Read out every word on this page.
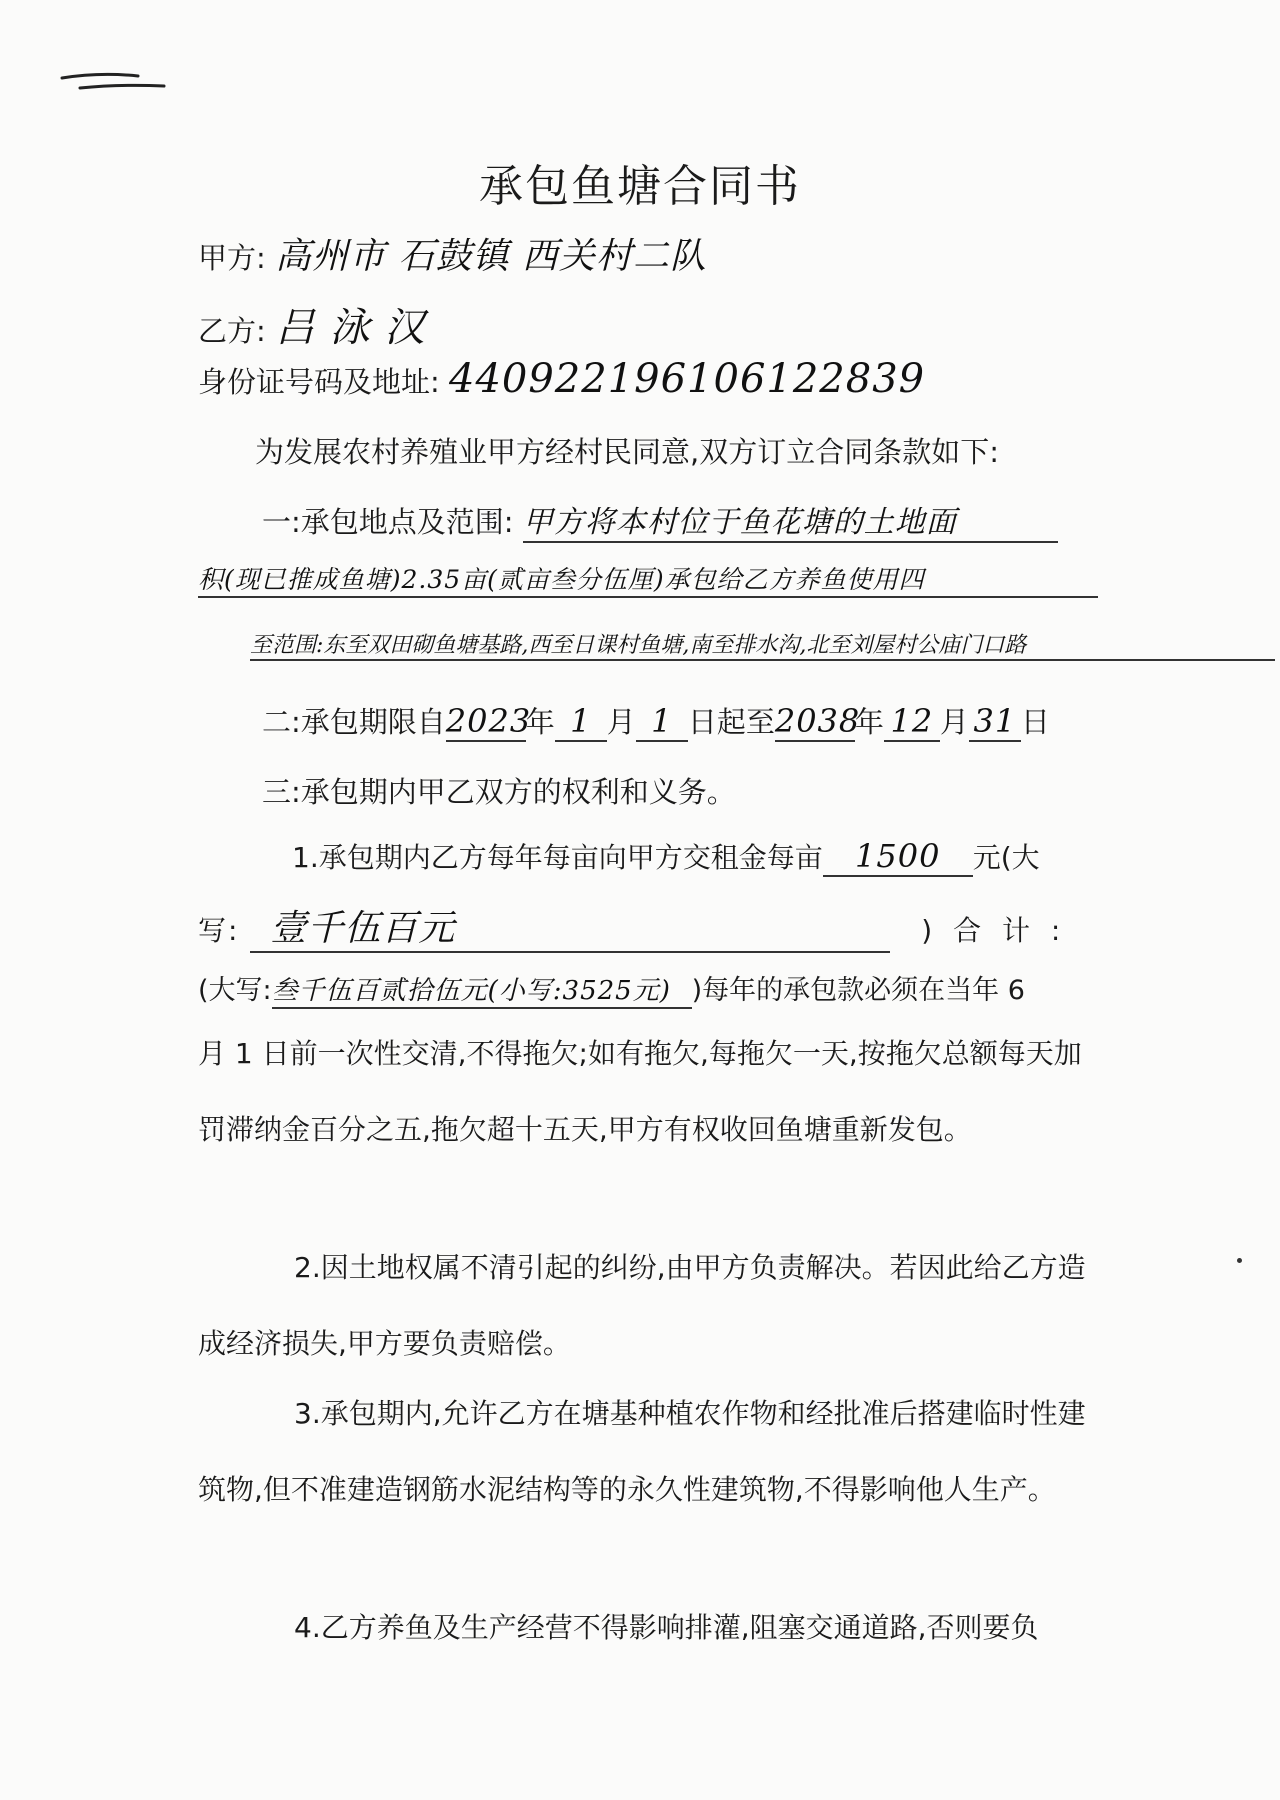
承包鱼塘合同书
甲方: 高州市 石鼓镇 西关村二队
乙方: 吕 泳 汉
身份证号码及地址: 440922196106122839
为发展农村养殖业甲方经村民同意,双方订立合同条款如下:
一:承包地点及范围: 甲方将本村位于鱼花塘的土地面
积(现已推成鱼塘)2.35亩(贰亩叁分伍厘)承包给乙方养鱼使用四
至范围:东至双田砌鱼塘基路,西至日课村鱼塘,南至排水沟,北至刘屋村公庙门口路
二:承包期限自2023年 1 月 1 日起至2038年 12 月 31 日
三:承包期内甲乙双方的权利和义务。
1.承包期内乙方每年每亩向甲方交租金每亩 1500 元(大
写: 壹千伍百元	) 合 计 :
(大写:叁千伍百贰拾伍元(小写:3525元) )每年的承包款必须在当年 6
月 1 日前一次性交清,不得拖欠;如有拖欠,每拖欠一天,按拖欠总额每天加罚滞纳金百分之五,拖欠超十五天,甲方有权收回鱼塘重新发包。
2.因土地权属不清引起的纠纷,由甲方负责解决。若因此给乙方造成经济损失,甲方要负责赔偿。
3.承包期内,允许乙方在塘基种植农作物和经批准后搭建临时性建筑物,但不准建造钢筋水泥结构等的永久性建筑物,不得影响他人生产。
4.乙方养鱼及生产经营不得影响排灌,阻塞交通道路,否则要负
